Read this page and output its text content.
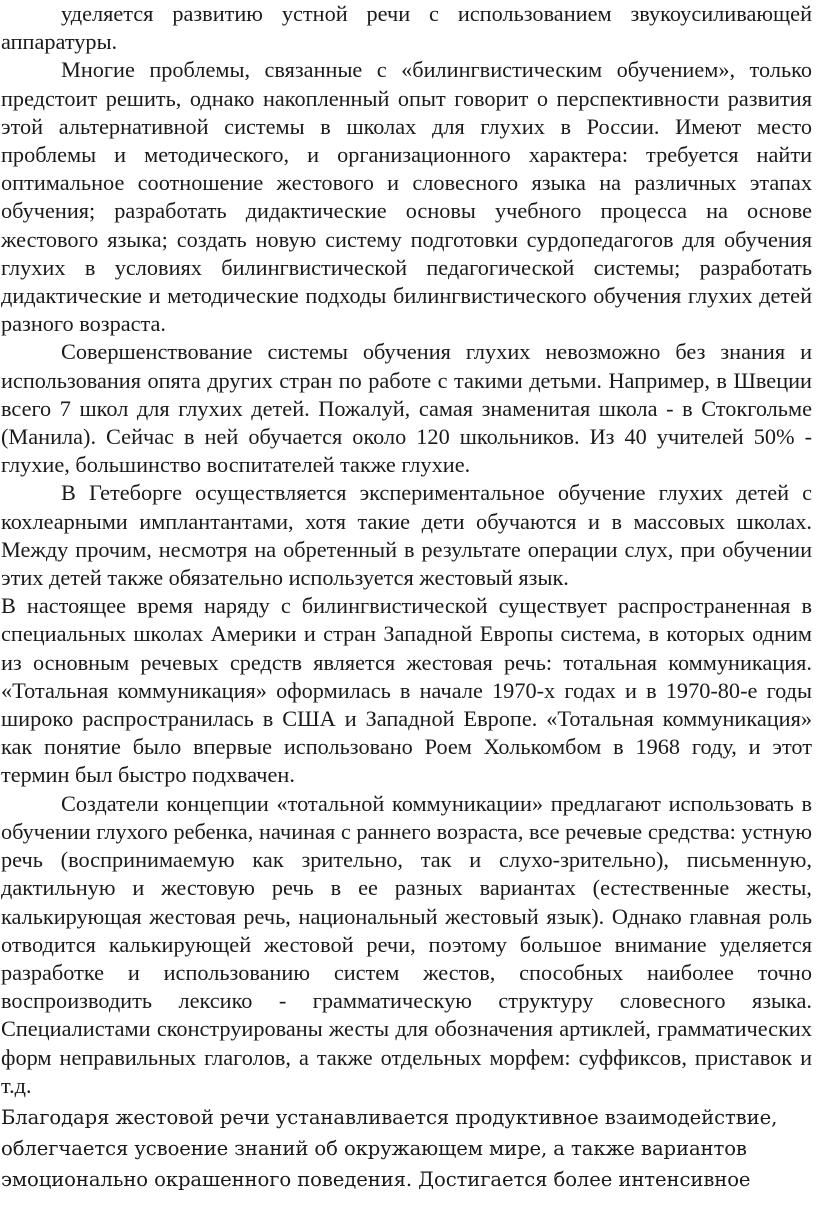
уделяется развитию устной речи с использованием звукоусиливающей аппаратуры.

Многие проблемы, связанные с «билингвистическим обучением», только предстоит решить, однако накопленный опыт говорит о перспективности развития этой альтернативной системы в школах для глухих в России. Имеют место проблемы и методического, и организационного характера: требуется найти оптимальное соотношение жестового и словесного языка на различных этапах обучения; разработать дидактические основы учебного процесса на основе жестового языка; создать новую систему подготовки сурдопедагогов для обучения глухих в условиях билингвистической педагогической системы; разработать дидактические и методические подходы билингвистического обучения глухих детей разного возраста.

Совершенствование системы обучения глухих невозможно без знания и использования опята других стран по работе с такими детьми. Например, в Швеции всего 7 школ для глухих детей. Пожалуй, самая знаменитая школа - в Стокгольме (Манила). Сейчас в ней обучается около 120 школьников. Из 40 учителей 50% - глухие, большинство воспитателей также глухие.

В Гетеборге осуществляется экспериментальное обучение глухих детей с кохлеарными имплантантами, хотя такие дети обучаются и в массовых школах. Между прочим, несмотря на обретенный в результате операции слух, при обучении этих детей также обязательно используется жестовый язык.

В настоящее время наряду с билингвистической существует распространенная в специальных школах Америки и стран Западной Европы система, в которых одним из основным речевых средств является жестовая речь: тотальная коммуникация. «Тотальная коммуникация» оформилась в начале 1970-х годах и в 1970-80-е годы широко распространилась в США и Западной Европе. «Тотальная коммуникация» как понятие было впервые использовано Роем Холькомбом в 1968 году, и этот термин был быстро подхвачен.

Создатели концепции «тотальной коммуникации» предлагают использовать в обучении глухого ребенка, начиная с раннего возраста, все речевые средства: устную речь (воспринимаемую как зрительно, так и слухо-зрительно), письменную, дактильную и жестовую речь в ее разных вариантах (естественные жесты, калькирующая жестовая речь, национальный жестовый язык). Однако главная роль отводится калькирующей жестовой речи, поэтому большое внимание уделяется разработке и использованию систем жестов, способных наиболее точно воспроизводить лексико - грамматическую структуру словесного языка. Специалистами сконструированы жесты для обозначения артиклей, грамматических форм неправильных глаголов, а также отдельных морфем: суффиксов, приставок и т.д.

Благодаря жестовой речи устанавливается продуктивное взаимодействие,
облегчается усвоение знаний об окружающем мире, а также вариантов
эмоционально окрашенного поведения. Достигается более интенсивное
